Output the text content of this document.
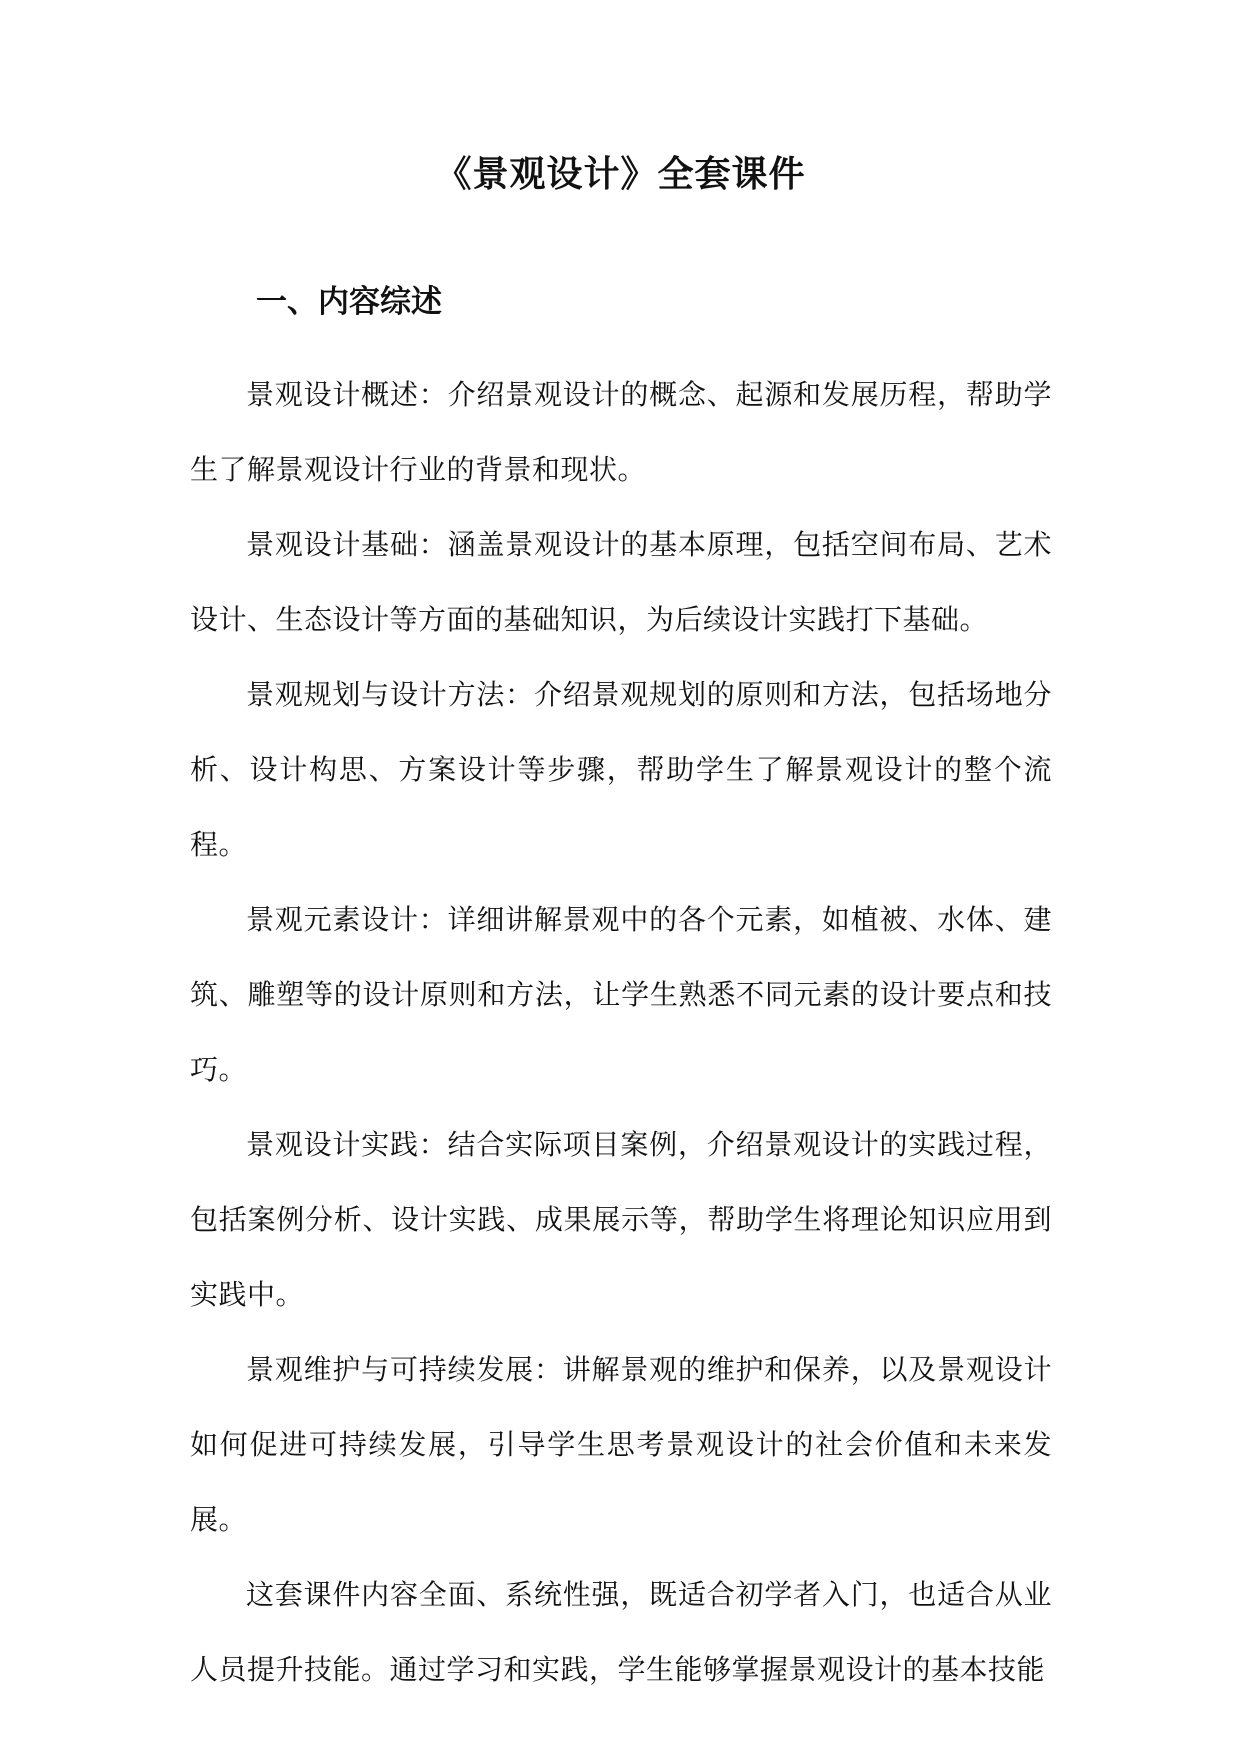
《景观设计》全套课件
一、内容综述

景观设计概述：介绍景观设计的概念、起源和发展历程，帮助学生了解景观设计行业的背景和现状。

景观设计基础：涵盖景观设计的基本原理，包括空间布局、艺术设计、生态设计等方面的基础知识，为后续设计实践打下基础。

景观规划与设计方法：介绍景观规划的原则和方法，包括场地分析、设计构思、方案设计等步骤，帮助学生了解景观设计的整个流程。

景观元素设计：详细讲解景观中的各个元素，如植被、水体、建筑、雕塑等的设计原则和方法，让学生熟悉不同元素的设计要点和技巧。

景观设计实践：结合实际项目案例，介绍景观设计的实践过程，包括案例分析、设计实践、成果展示等，帮助学生将理论知识应用到实践中。

景观维护与可持续发展：讲解景观的维护和保养，以及景观设计如何促进可持续发展，引导学生思考景观设计的社会价值和未来发展。

这套课件内容全面、系统性强，既适合初学者入门，也适合从业人员提升技能。通过学习和实践，学生能够掌握景观设计的基本技能
